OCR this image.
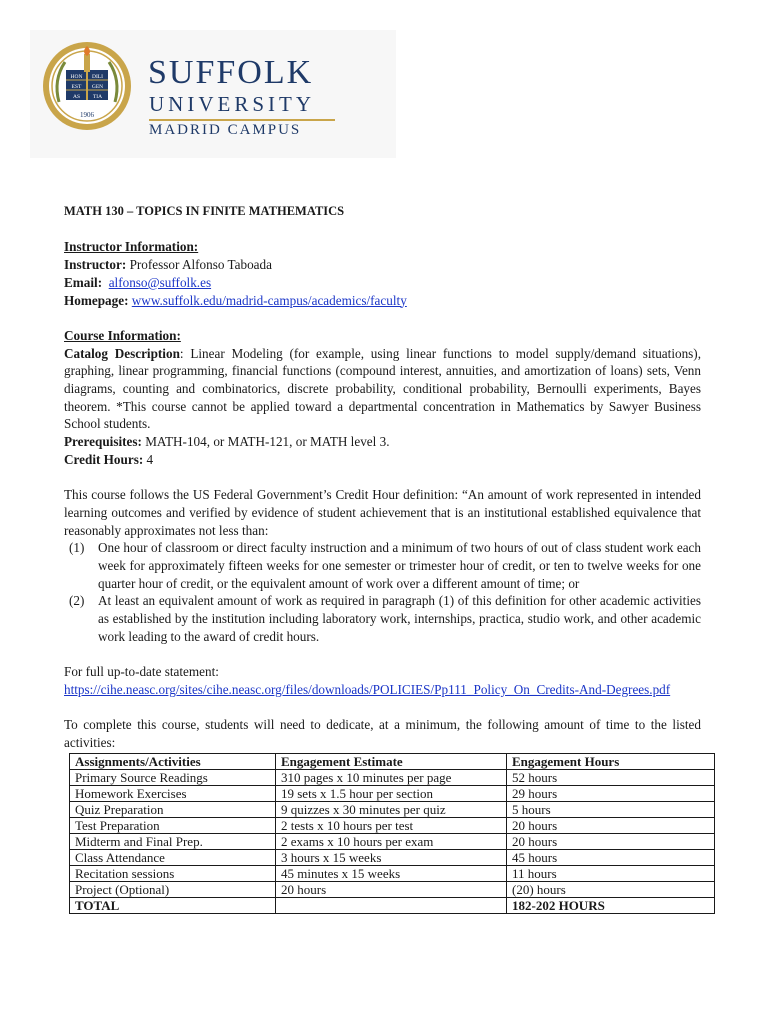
HON DILI
EST GEN
AS TIA
1906
SUFFOLK
UNIVERSITY
MADRID CAMPUS

MATH 130 – TOPICS IN FINITE MATHEMATICS

Instructor Information:

Instructor: Professor Alfonso Taboada

Email: alfonso@suffolk.es

Homepage: www.suffolk.edu/madrid-campus/academics/faculty

Course Information:

Catalog Description: Linear Modeling (for example, using linear functions to model supply/demand situations), graphing, linear programming, financial functions (compound interest, annuities, and amortization of loans) sets, Venn diagrams, counting and combinatorics, discrete probability, conditional probability, Bernoulli experiments, Bayes theorem. *This course cannot be applied toward a departmental concentration in Mathematics by Sawyer Business School students.

Prerequisites: MATH-104, or MATH-121, or MATH level 3.

Credit Hours: 4

This course follows the US Federal Government’s Credit Hour definition: “An amount of work represented in intended learning outcomes and verified by evidence of student achievement that is an institutional established equivalence that reasonably approximates not less than:

(1) One hour of classroom or direct faculty instruction and a minimum of two hours of out of class student work each week for approximately fifteen weeks for one semester or trimester hour of credit, or ten to twelve weeks for one quarter hour of credit, or the equivalent amount of work over a different amount of time; or
(2) At least an equivalent amount of work as required in paragraph (1) of this definition for other academic activities as established by the institution including laboratory work, internships, practica, studio work, and other academic work leading to the award of credit hours.

For full up-to-date statement:

https://cihe.neasc.org/sites/cihe.neasc.org/files/downloads/POLICIES/Pp111_Policy_On_Credits-And-Degrees.pdf

To complete this course, students will need to dedicate, at a minimum, the following amount of time to the listed activities:

Assignments/Activities	Engagement Estimate	Engagement Hours
Primary Source Readings	310 pages x 10 minutes per page	52 hours
Homework Exercises	19 sets x 1.5 hour per section	29 hours
Quiz Preparation	9 quizzes x 30 minutes per quiz	5 hours
Test Preparation	2 tests x 10 hours per test	20 hours
Midterm and Final Prep.	2 exams x 10 hours per exam	20 hours
Class Attendance	3 hours x 15 weeks	45 hours
Recitation sessions	45 minutes x 15 weeks	11 hours
Project (Optional)	20 hours	(20) hours
TOTAL		182-202 HOURS
